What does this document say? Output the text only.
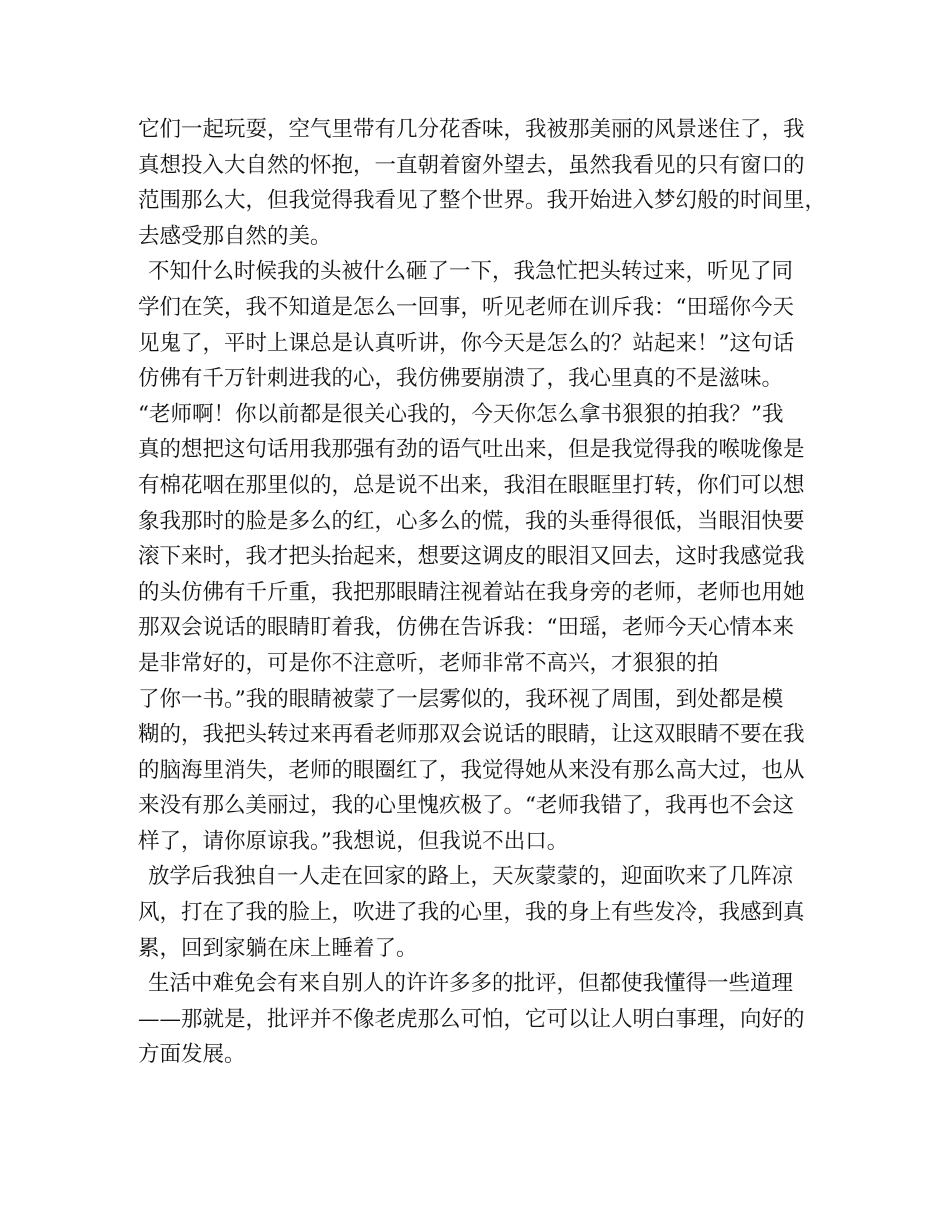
它们一起玩耍，空气里带有几分花香味，我被那美丽的风景迷住了，我
真想投入大自然的怀抱，一直朝着窗外望去，虽然我看见的只有窗口的
范围那么大，但我觉得我看见了整个世界。我开始进入梦幻般的时间里，
去感受那自然的美。
不知什么时候我的头被什么砸了一下，我急忙把头转过来，听见了同
学们在笑，我不知道是怎么一回事，听见老师在训斥我：“田瑶你今天
见鬼了，平时上课总是认真听讲，你今天是怎么的？站起来！”这句话
仿佛有千万针刺进我的心，我仿佛要崩溃了，我心里真的不是滋味。
“老师啊！你以前都是很关心我的，今天你怎么拿书狠狠的拍我？”我
真的想把这句话用我那强有劲的语气吐出来，但是我觉得我的喉咙像是
有棉花咽在那里似的，总是说不出来，我泪在眼眶里打转，你们可以想
象我那时的脸是多么的红，心多么的慌，我的头垂得很低，当眼泪快要
滚下来时，我才把头抬起来，想要这调皮的眼泪又回去，这时我感觉我
的头仿佛有千斤重，我把那眼睛注视着站在我身旁的老师，老师也用她
那双会说话的眼睛盯着我，仿佛在告诉我：“田瑶，老师今天心情本来
是非常好的，可是你不注意听，老师非常不高兴，才狠狠的拍
了你一书。”我的眼睛被蒙了一层雾似的，我环视了周围，到处都是模
糊的，我把头转过来再看老师那双会说话的眼睛，让这双眼睛不要在我
的脑海里消失，老师的眼圈红了，我觉得她从来没有那么高大过，也从
来没有那么美丽过，我的心里愧疚极了。“老师我错了，我再也不会这
样了，请你原谅我。”我想说，但我说不出口。
放学后我独自一人走在回家的路上，天灰蒙蒙的，迎面吹来了几阵凉
风，打在了我的脸上，吹进了我的心里，我的身上有些发冷，我感到真
累，回到家躺在床上睡着了。
生活中难免会有来自别人的许许多多的批评，但都使我懂得一些道理
——那就是，批评并不像老虎那么可怕，它可以让人明白事理，向好的
方面发展。
